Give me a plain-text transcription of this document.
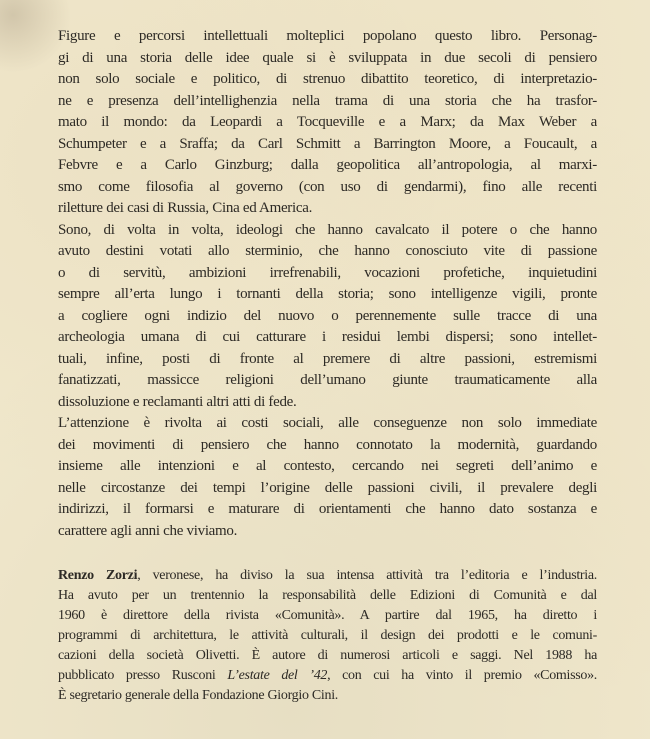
Figure e percorsi intellettuali molteplici popolano questo libro. Personag-
gi di una storia delle idee quale si è sviluppata in due secoli di pensiero
non solo sociale e politico, di strenuo dibattito teoretico, di interpretazio-
ne e presenza dell’intellighenzia nella trama di una storia che ha trasfor-
mato il mondo: da Leopardi a Tocqueville e a Marx; da Max Weber a
Schumpeter e a Sraffa; da Carl Schmitt a Barrington Moore, a Foucault, a
Febvre e a Carlo Ginzburg; dalla geopolitica all’antropologia, al marxi-
smo come filosofia al governo (con uso di gendarmi), fino alle recenti
riletture dei casi di Russia, Cina ed America.
Sono, di volta in volta, ideologi che hanno cavalcato il potere o che hanno
avuto destini votati allo sterminio, che hanno conosciuto vite di passione
o di servitù, ambizioni irrefrenabili, vocazioni profetiche, inquietudini
sempre all’erta lungo i tornanti della storia; sono intelligenze vigili, pronte
a cogliere ogni indizio del nuovo o perennemente sulle tracce di una
archeologia umana di cui catturare i residui lembi dispersi; sono intellet-
tuali, infine, posti di fronte al premere di altre passioni, estremismi
fanatizzati, massicce religioni dell’umano giunte traumaticamente alla
dissoluzione e reclamanti altri atti di fede.
L’attenzione è rivolta ai costi sociali, alle conseguenze non solo immediate
dei movimenti di pensiero che hanno connotato la modernità, guardando
insieme alle intenzioni e al contesto, cercando nei segreti dell’animo e
nelle circostanze dei tempi l’origine delle passioni civili, il prevalere degli
indirizzi, il formarsi e maturare di orientamenti che hanno dato sostanza e
carattere agli anni che viviamo.
Renzo Zorzi, veronese, ha diviso la sua intensa attività tra l’editoria e l’industria.
Ha avuto per un trentennio la responsabilità delle Edizioni di Comunità e dal
1960 è direttore della rivista «Comunità». A partire dal 1965, ha diretto i
programmi di architettura, le attività culturali, il design dei prodotti e le comuni-
cazioni della società Olivetti. È autore di numerosi articoli e saggi. Nel 1988 ha
pubblicato presso Rusconi L’estate del ’42, con cui ha vinto il premio «Comisso».
È segretario generale della Fondazione Giorgio Cini.
